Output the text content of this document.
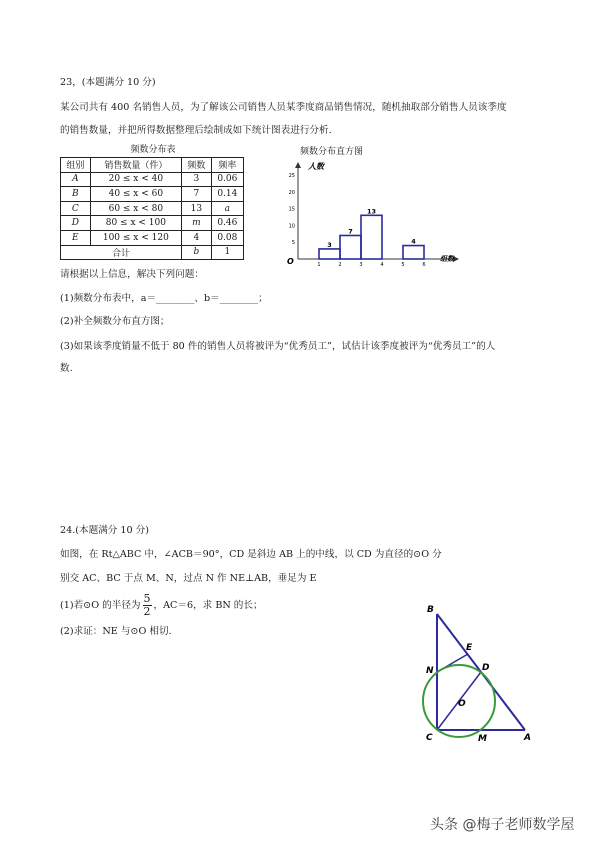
23，(本题满分 10 分)
某公司共有 400 名销售人员，为了解该公司销售人员某季度商品销售情况，随机抽取部分销售人员该季度
的销售数量，并把所得数据整理后绘制成如下统计图表进行分析.
频数分布表
组别	销售数量（件）	频数	频率
A	20 ≤ x < 40	3	0.06
B	40 ≤ x < 60	7	0.14
C	60 ≤ x < 80	13	a
D	80 ≤ x < 100	m	0.46
E	100 ≤ x < 120	4	0.08
合计		b	1
频数分布直方图
人数
组数
O
5
10
15
20
25
1	2	3	4	5	6
3
7
13
4
请根据以上信息，解决下列问题：
(1)频数分布表中，a＝________、b＝________；
(2)补全频数分布直方图；
(3)如果该季度销量不低于 80 件的销售人员将被评为“优秀员工”，试估计该季度被评为“优秀员工”的人
数.
24.(本题满分 10 分)
如图，在 Rt△ABC 中，∠ACB＝90°，CD 是斜边 AB 上的中线，以 CD 为直径的⊙O 分
别交 AC、BC 于点 M、N，过点 N 作 NE⊥AB，垂足为 E
(1)若⊙O 的半径为
5
2 ，AC＝6，求 BN 的长；
(2)求证：NE 与⊙O 相切.
B
E
N	D
O
C	M	A
头条 @梅子老师数学屋
